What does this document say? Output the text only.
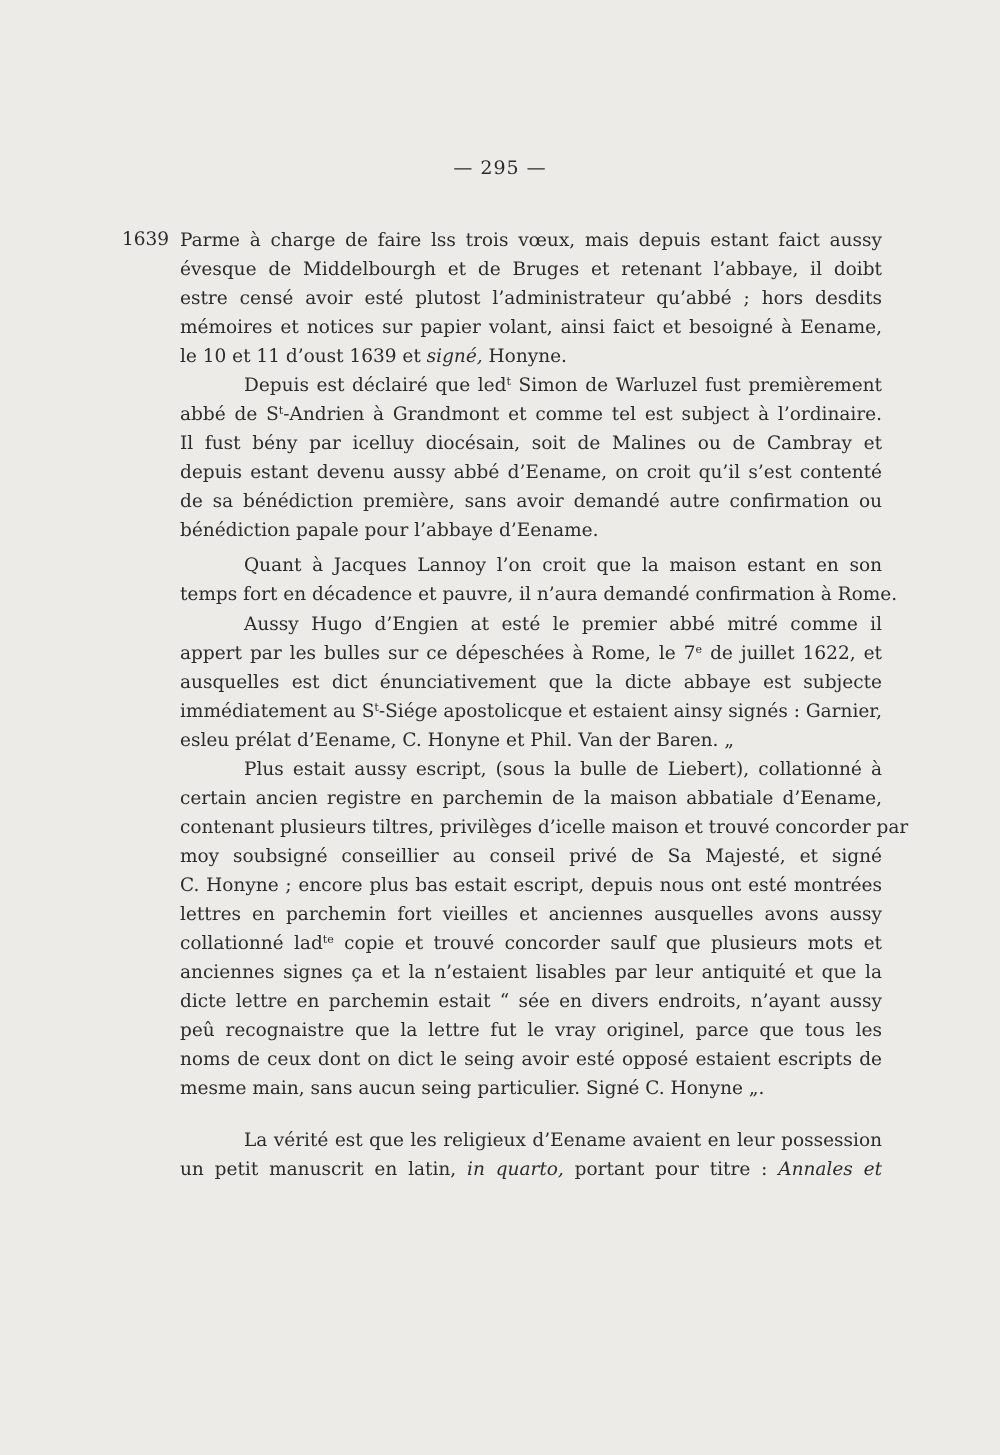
— 295 —
1639 Parme à charge de faire lss trois vœux, mais depuis estant faict aussy
évesque de Middelbourgh et de Bruges et retenant l’abbaye, il doibt
estre censé avoir esté plutost l’administrateur qu’abbé ; hors desdits
mémoires et notices sur papier volant, ainsi faict et besoigné à Eename,
le 10 et 11 d’oust 1639 et signé, Honyne.
Depuis est déclairé que led$^t$ Simon de Warluzel fust premièrement
abbé de $S^t$-Andrien à Grandmont et comme tel est subject à l’ordinaire.
Il fust bény par icelluy diocésain, soit de Malines ou de Cambray et
depuis estant devenu aussy abbé d’Eename, on croit qu’il s’est contenté
de sa bénédiction première, sans avoir demandé autre confirmation ou
bénédiction papale pour l’abbaye d’Eename.
Quant à Jacques Lannoy l’on croit que la maison estant en son
temps fort en décadence et pauvre, il n’aura demandé confirmation à Rome.
Aussy Hugo d’Engien at esté le premier abbé mitré comme il
appert par les bulles sur ce dépeschées à Rome, le 7e de juillet 1622, et
ausquelles est dict énunciativement que la dicte abbaye est subjecte
immédiatement au $S^t$-Siége apostolicque et estaient ainsy signés : Garnier,
esleu prélat d’Eename, C. Honyne et Phil. Van der Baren. „
Plus estait aussy escript, (sous la bulle de Liebert), collationné à
certain ancien registre en parchemin de la maison abbatiale d’Eename,
contenant plusieurs tiltres, privilèges d’icelle maison et trouvé concorder par
moy soubsigné conseillier au conseil privé de Sa Majesté, et signé
C. Honyne ; encore plus bas estait escript, depuis nous ont esté montrées
lettres en parchemin fort vieilles et anciennes ausquelles avons aussy
collationné lad$^{te}$ copie et trouvé concorder saulf que plusieurs mots et
anciennes signes ça et la n’estaient lisables par leur antiquité et que la
dicte lettre en parchemin estait “ sée en divers endroits, n’ayant aussy
peû recognaistre que la lettre fut le vray originel, parce que tous les
noms de ceux dont on dict le seing avoir esté opposé estaient escripts de
mesme main, sans aucun seing particulier. Signé C. Honyne „.
La vérité est que les religieux d’Eename avaient en leur possession
un petit manuscrit en latin, in quarto, portant pour titre : Annales et
